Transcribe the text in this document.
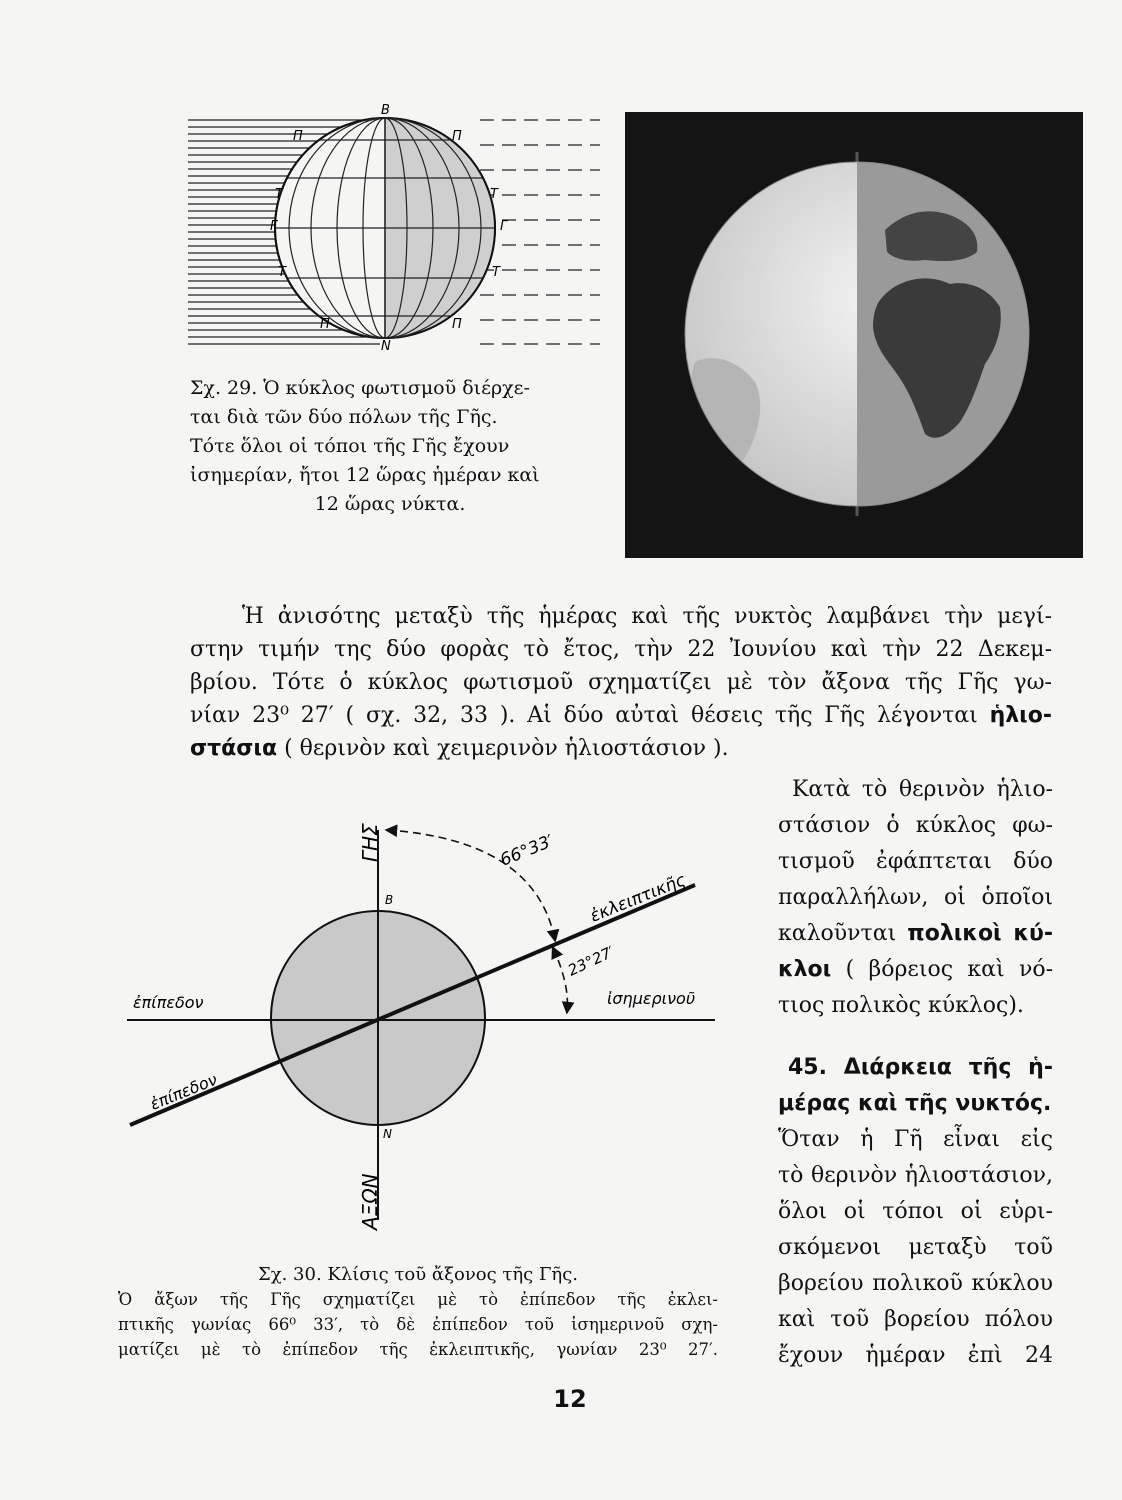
B
N
Π	Π
Τ	Τ
Γ	Γ
Τ	Τ
Π	Π
Σχ. 29. Ὁ κύκλος φωτισμοῦ διέρχε-
ται διὰ τῶν δύο πόλων τῆς Γῆς.
Τότε ὅλοι οἱ τόποι τῆς Γῆς ἔχουν
ἰσημερίαν, ἤτοι 12 ὥρας ἡμέραν καὶ
12 ὥρας νύκτα.
Ἡ ἀνισότης μεταξὺ τῆς ἡμέρας καὶ τῆς νυκτὸς λαμβάνει τὴν μεγί-
στην τιμήν της δύο φορὰς τὸ ἔτος, τὴν 22 Ἰουνίου καὶ τὴν 22 Δεκεμ-
βρίου. Τότε ὁ κύκλος φωτισμοῦ σχηματίζει μὲ τὸν ἄξονα τῆς Γῆς γω-
νίαν 23⁰ 27′ ( σχ. 32, 33 ). Αἱ δύο αὐταὶ θέσεις τῆς Γῆς λέγονται ἡλιο-
στάσια ( θερινὸν καὶ χειμερινὸν ἡλιοστάσιον ).
Κατὰ τὸ θερινὸν ἡλιο-
στάσιον ὁ κύκλος φω-
τισμοῦ ἐφάπτεται δύο
παραλλήλων, οἱ ὁποῖοι
καλοῦνται πολικοὶ κύ-
κλοι ( βόρειος καὶ νό-
τιος πολικὸς κύκλος).
45. Διάρκεια τῆς ἡ-
μέρας καὶ τῆς νυκτός.
Ὅταν ἡ Γῆ εἶναι εἰς
τὸ θερινὸν ἡλιοστάσιον,
ὅλοι οἱ τόποι οἱ εὑρι-
σκόμενοι μεταξὺ τοῦ
βορείου πολικοῦ κύκλου
καὶ τοῦ βορείου πόλου
ἔχουν ἡμέραν ἐπὶ 24
ΓΗΣ
ΑΞΩΝ
66°33′
23°27′
ἐκλειπτικῆς
ἰσημερινοῦ
ἐπίπεδον
ἐπίπεδον
Β
Ν
Σχ. 30. Κλίσις τοῦ ἄξονος τῆς Γῆς.
Ὁ ἄξων τῆς Γῆς σχηματίζει μὲ τὸ ἐπίπεδον τῆς ἐκλει-
πτικῆς γωνίας 66⁰ 33′, τὸ δὲ ἐπίπεδον τοῦ ἰσημερινοῦ σχη-
ματίζει μὲ τὸ ἐπίπεδον τῆς ἐκλειπτικῆς, γωνίαν 23⁰ 27′.
12
